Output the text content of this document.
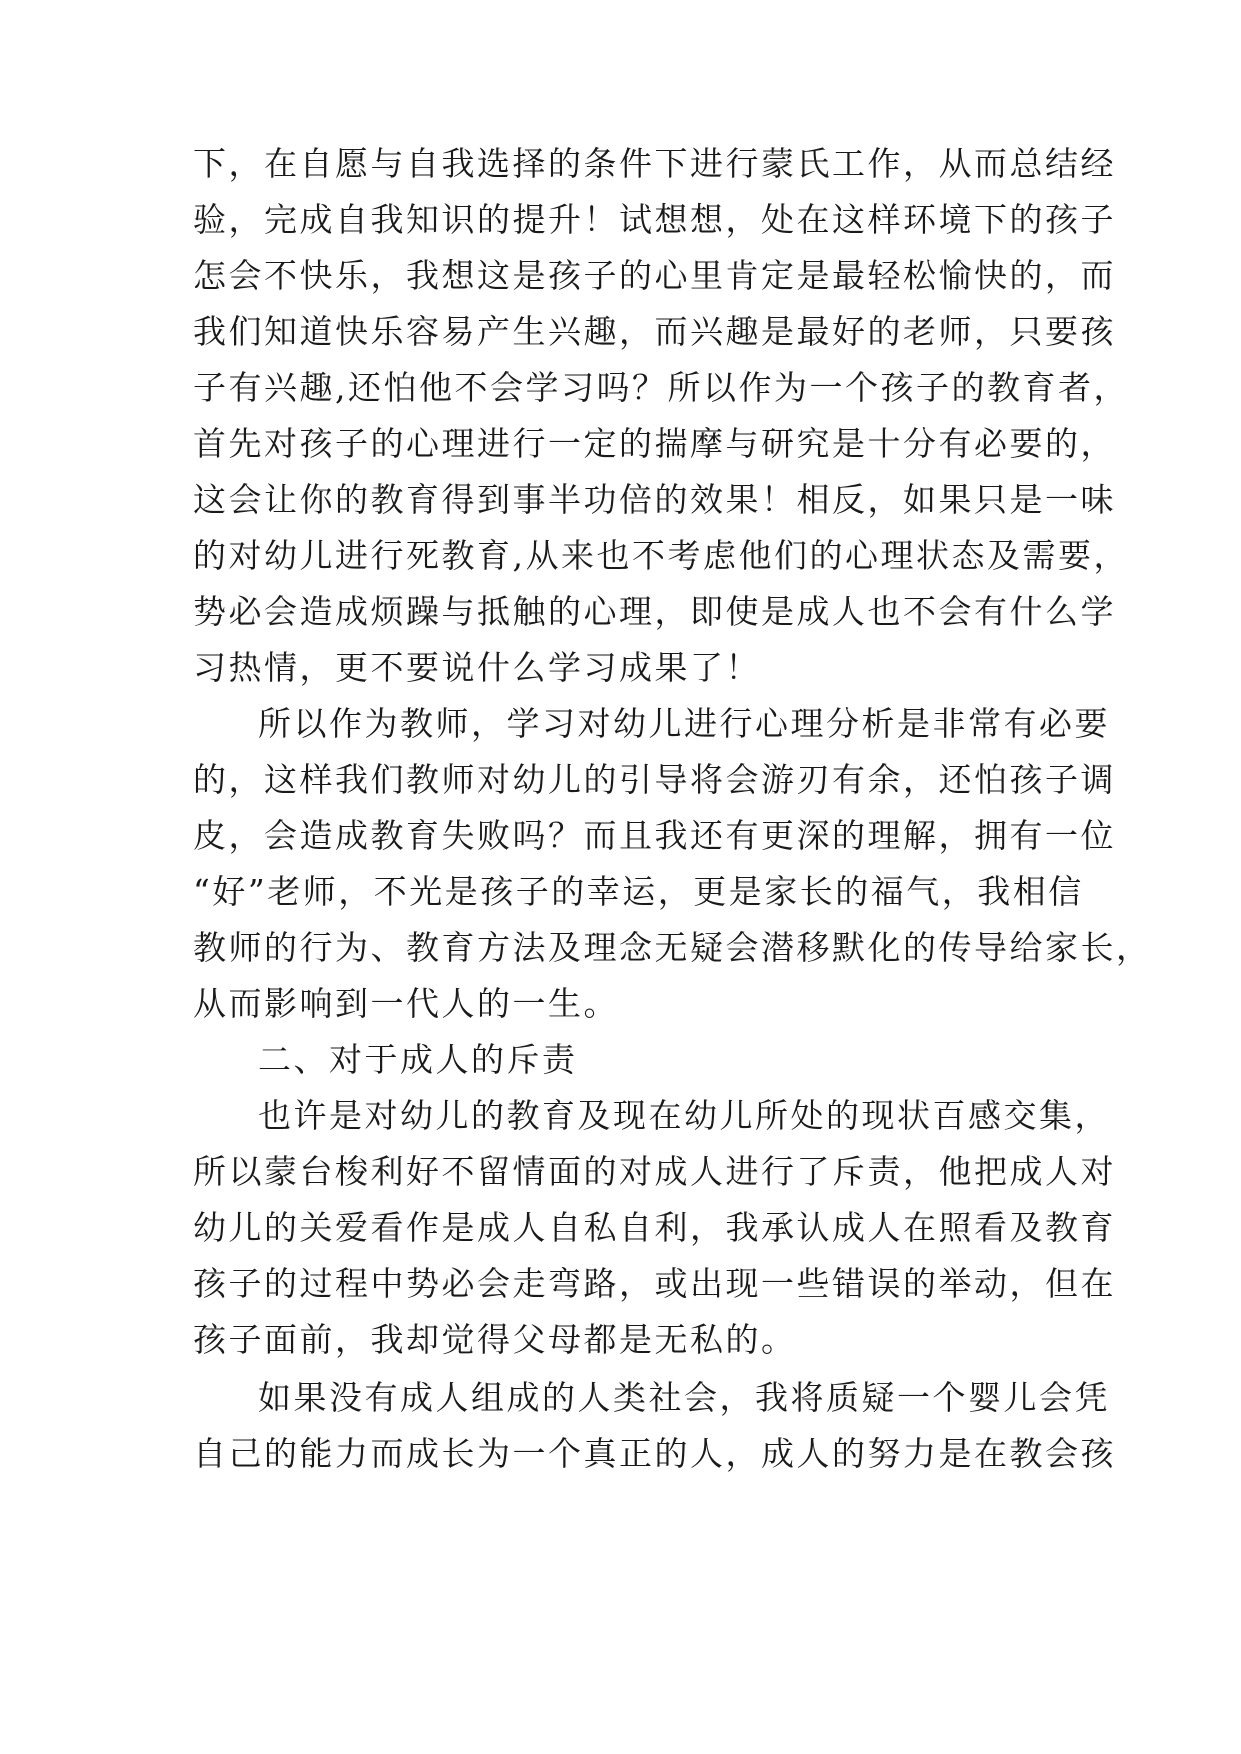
下，在自愿与自我选择的条件下进行蒙氏工作，从而总结经
验，完成自我知识的提升！试想想，处在这样环境下的孩子
怎会不快乐，我想这是孩子的心里肯定是最轻松愉快的，而
我们知道快乐容易产生兴趣，而兴趣是最好的老师，只要孩
子有兴趣,还怕他不会学习吗？所以作为一个孩子的教育者，
首先对孩子的心理进行一定的揣摩与研究是十分有必要的，
这会让你的教育得到事半功倍的效果！相反，如果只是一味
的对幼儿进行死教育,从来也不考虑他们的心理状态及需要，
势必会造成烦躁与抵触的心理，即使是成人也不会有什么学
习热情，更不要说什么学习成果了！
所以作为教师，学习对幼儿进行心理分析是非常有必要
的，这样我们教师对幼儿的引导将会游刃有余，还怕孩子调
皮，会造成教育失败吗？而且我还有更深的理解，拥有一位
“好”老师，不光是孩子的幸运，更是家长的福气，我相信
教师的行为、教育方法及理念无疑会潜移默化的传导给家长，
从而影响到一代人的一生。
二、对于成人的斥责
也许是对幼儿的教育及现在幼儿所处的现状百感交集，
所以蒙台梭利好不留情面的对成人进行了斥责，他把成人对
幼儿的关爱看作是成人自私自利，我承认成人在照看及教育
孩子的过程中势必会走弯路，或出现一些错误的举动，但在
孩子面前，我却觉得父母都是无私的。
如果没有成人组成的人类社会，我将质疑一个婴儿会凭
自己的能力而成长为一个真正的人，成人的努力是在教会孩
